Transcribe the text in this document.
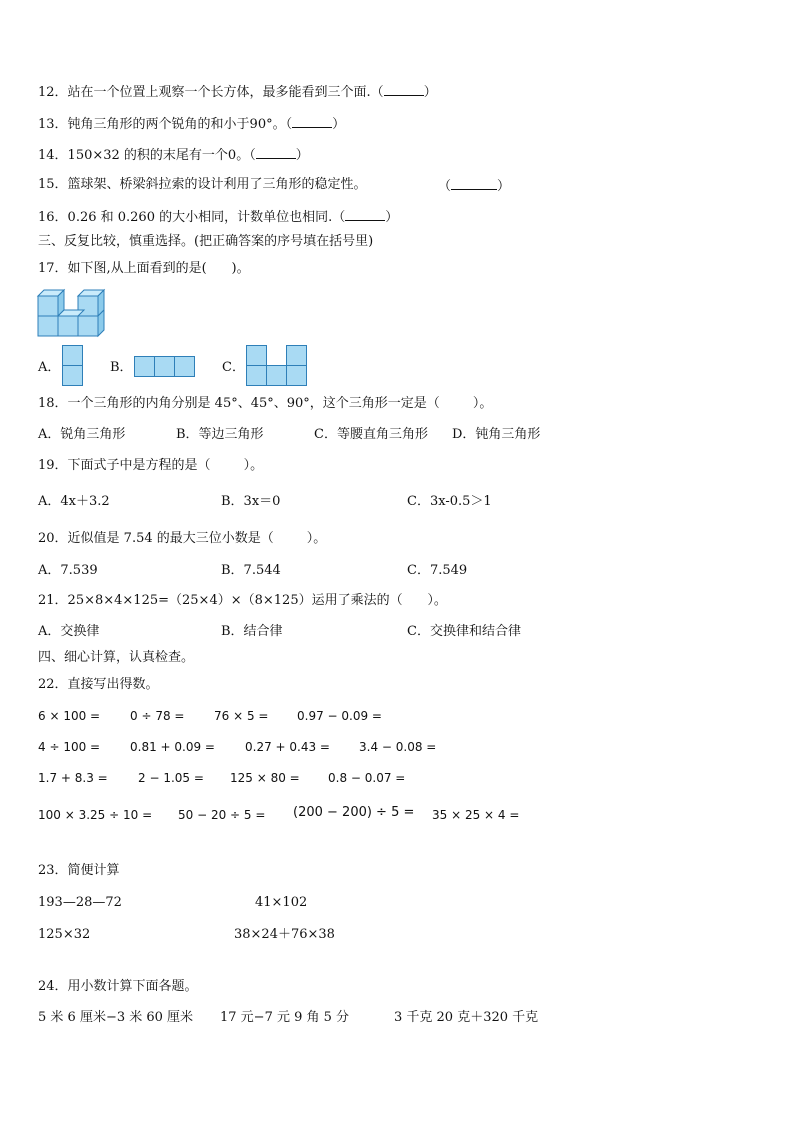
12．站在一个位置上观察一个长方体，最多能看到三个面.（	）
13．钝角三角形的两个锐角的和小于90°。（	）
14．150×32 的积的末尾有一个0。（	）
15．篮球架、桥梁斜拉索的设计利用了三角形的稳定性。	（	）
16．0.26 和 0.260 的大小相同，计数单位也相同.（	）
三、反复比较，慎重选择。(把正确答案的序号填在括号里)
17．如下图,从上面看到的是(      )。
A．	B．	C．
18．一个三角形的内角分别是 45°、45°、90°，这个三角形一定是（        ）。
A．锐角三角形	B．等边三角形	C．等腰直角三角形 D．钝角三角形
19．下面式子中是方程的是（        ）。
A．4x＋3.2	B．3x＝0	C．3x-0.5＞1
20．近似值是 7.54 的最大三位小数是（        ）。
A．7.539	B．7.544	C．7.549
21．25×8×4×125=（25×4）×（8×125）运用了乘法的（      ）。
A．交换律	B．结合律	C．交换律和结合律
四、细心计算，认真检查。
22．直接写出得数。
6 × 100 = 0 ÷ 78 = 76 × 5 = 0.97 − 0.09 =
4 ÷ 100 = 0.81 + 0.09 =	0.27 + 0.43 = 3.4 − 0.08 =
1.7 + 8.3 =	2 − 1.05 = 125 × 80 = 0.8 − 0.07 =
100 × 3.25 ÷ 10 = 50 − 20 ÷ 5 = (200 − 200) ÷ 5 = 35 × 25 × 4 =
23．简便计算
193—28—72	41×102
125×32	38×24＋76×38
24．用小数计算下面各题。
5 米 6 厘米−3 米 60 厘米 17 元−7 元 9 角 5 分	3 千克 20 克＋320 千克
